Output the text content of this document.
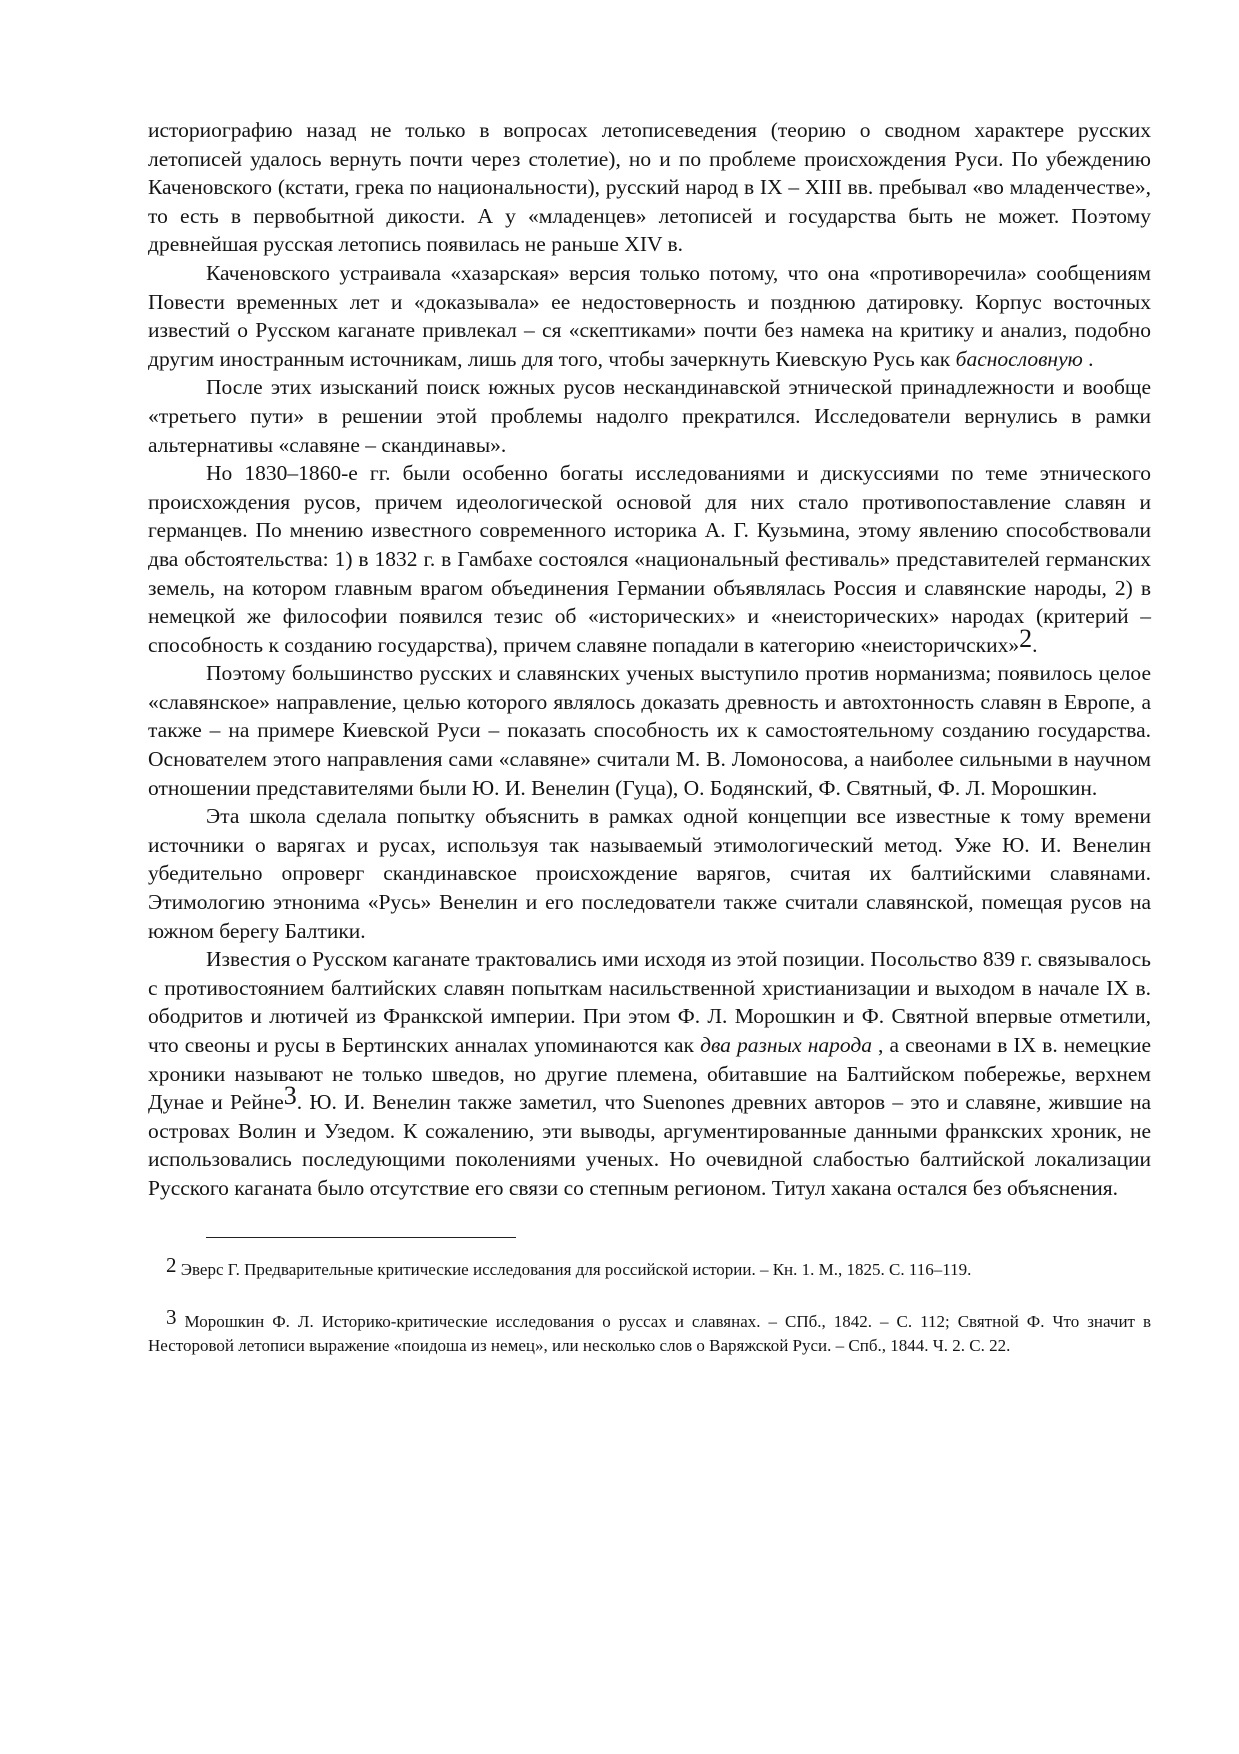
историографию назад не только в вопросах летописеведения (теорию о сводном характере русских летописей удалось вернуть почти через столетие), но и по проблеме происхождения Руси. По убеждению Каченовского (кстати, грека по национальности), русский народ в IX – XIII вв. пребывал «во младенчестве», то есть в первобытной дикости. А у «младенцев» летописей и государства быть не может. Поэтому древнейшая русская летопись появилась не раньше XIV в.

Каченовского устраивала «хазарская» версия только потому, что она «противоречила» сообщениям Повести временных лет и «доказывала» ее недостоверность и позднюю датировку. Корпус восточных известий о Русском каганате привлекал – ся «скептиками» почти без намека на критику и анализ, подобно другим иностранным источникам, лишь для того, чтобы зачеркнуть Киевскую Русь как баснословную .

После этих изысканий поиск южных русов нескандинавской этнической принадлежности и вообще «третьего пути» в решении этой проблемы надолго прекратился. Исследователи вернулись в рамки альтернативы «славяне – скандинавы».

Но 1830–1860-е гг. были особенно богаты исследованиями и дискуссиями по теме этнического происхождения русов, причем идеологической основой для них стало противопоставление славян и германцев. По мнению известного современного историка А. Г. Кузьмина, этому явлению способствовали два обстоятельства: 1) в 1832 г. в Гамбахе состоялся «национальный фестиваль» представителей германских земель, на котором главным врагом объединения Германии объявлялась Россия и славянские народы, 2) в немецкой же философии появился тезис об «исторических» и «неисторических» народах (критерий – способность к созданию государства), причем славяне попадали в категорию «неисторичских»2.

Поэтому большинство русских и славянских ученых выступило против норманизма; появилось целое «славянское» направление, целью которого являлось доказать древность и автохтонность славян в Европе, а также – на примере Киевской Руси – показать способность их к самостоятельному созданию государства. Основателем этого направления сами «славяне» считали М. В. Ломоносова, а наиболее сильными в научном отношении представителями были Ю. И. Венелин (Гуца), О. Бодянский, Ф. Святный, Ф. Л. Морошкин.

Эта школа сделала попытку объяснить в рамках одной концепции все известные к тому времени источники о варягах и русах, используя так называемый этимологический метод. Уже Ю. И. Венелин убедительно опроверг скандинавское происхождение варягов, считая их балтийскими славянами. Этимологию этнонима «Русь» Венелин и его последователи также считали славянской, помещая русов на южном берегу Балтики.

Известия о Русском каганате трактовались ими исходя из этой позиции. Посольство 839 г. связывалось с противостоянием балтийских славян попыткам насильственной христианизации и выходом в начале IX в. ободритов и лютичей из Франкской империи. При этом Ф. Л. Морошкин и Ф. Святной впервые отметили, что свеоны и русы в Бертинских анналах упоминаются как два разных народа , а свеонами в IX в. немецкие хроники называют не только шведов, но другие племена, обитавшие на Балтийском побережье, верхнем Дунае и Рейне3. Ю. И. Венелин также заметил, что Suenones древних авторов – это и славяне, жившие на островах Волин и Узедом. К сожалению, эти выводы, аргументированные данными франкских хроник, не использовались последующими поколениями ученых. Но очевидной слабостью балтийской локализации Русского каганата было отсутствие его связи со степным регионом. Титул хакана остался без объяснения.

2 Эверс Г. Предварительные критические исследования для российской истории. – Кн. 1. М., 1825. С. 116–119.

3 Морошкин Ф. Л. Историко-критические исследования о руссах и славянах. – СПб., 1842. – С. 112; Святной Ф. Что значит в Несторовой летописи выражение «поидоша из немец», или несколько слов о Варяжской Руси. – Спб., 1844. Ч. 2. С. 22.
